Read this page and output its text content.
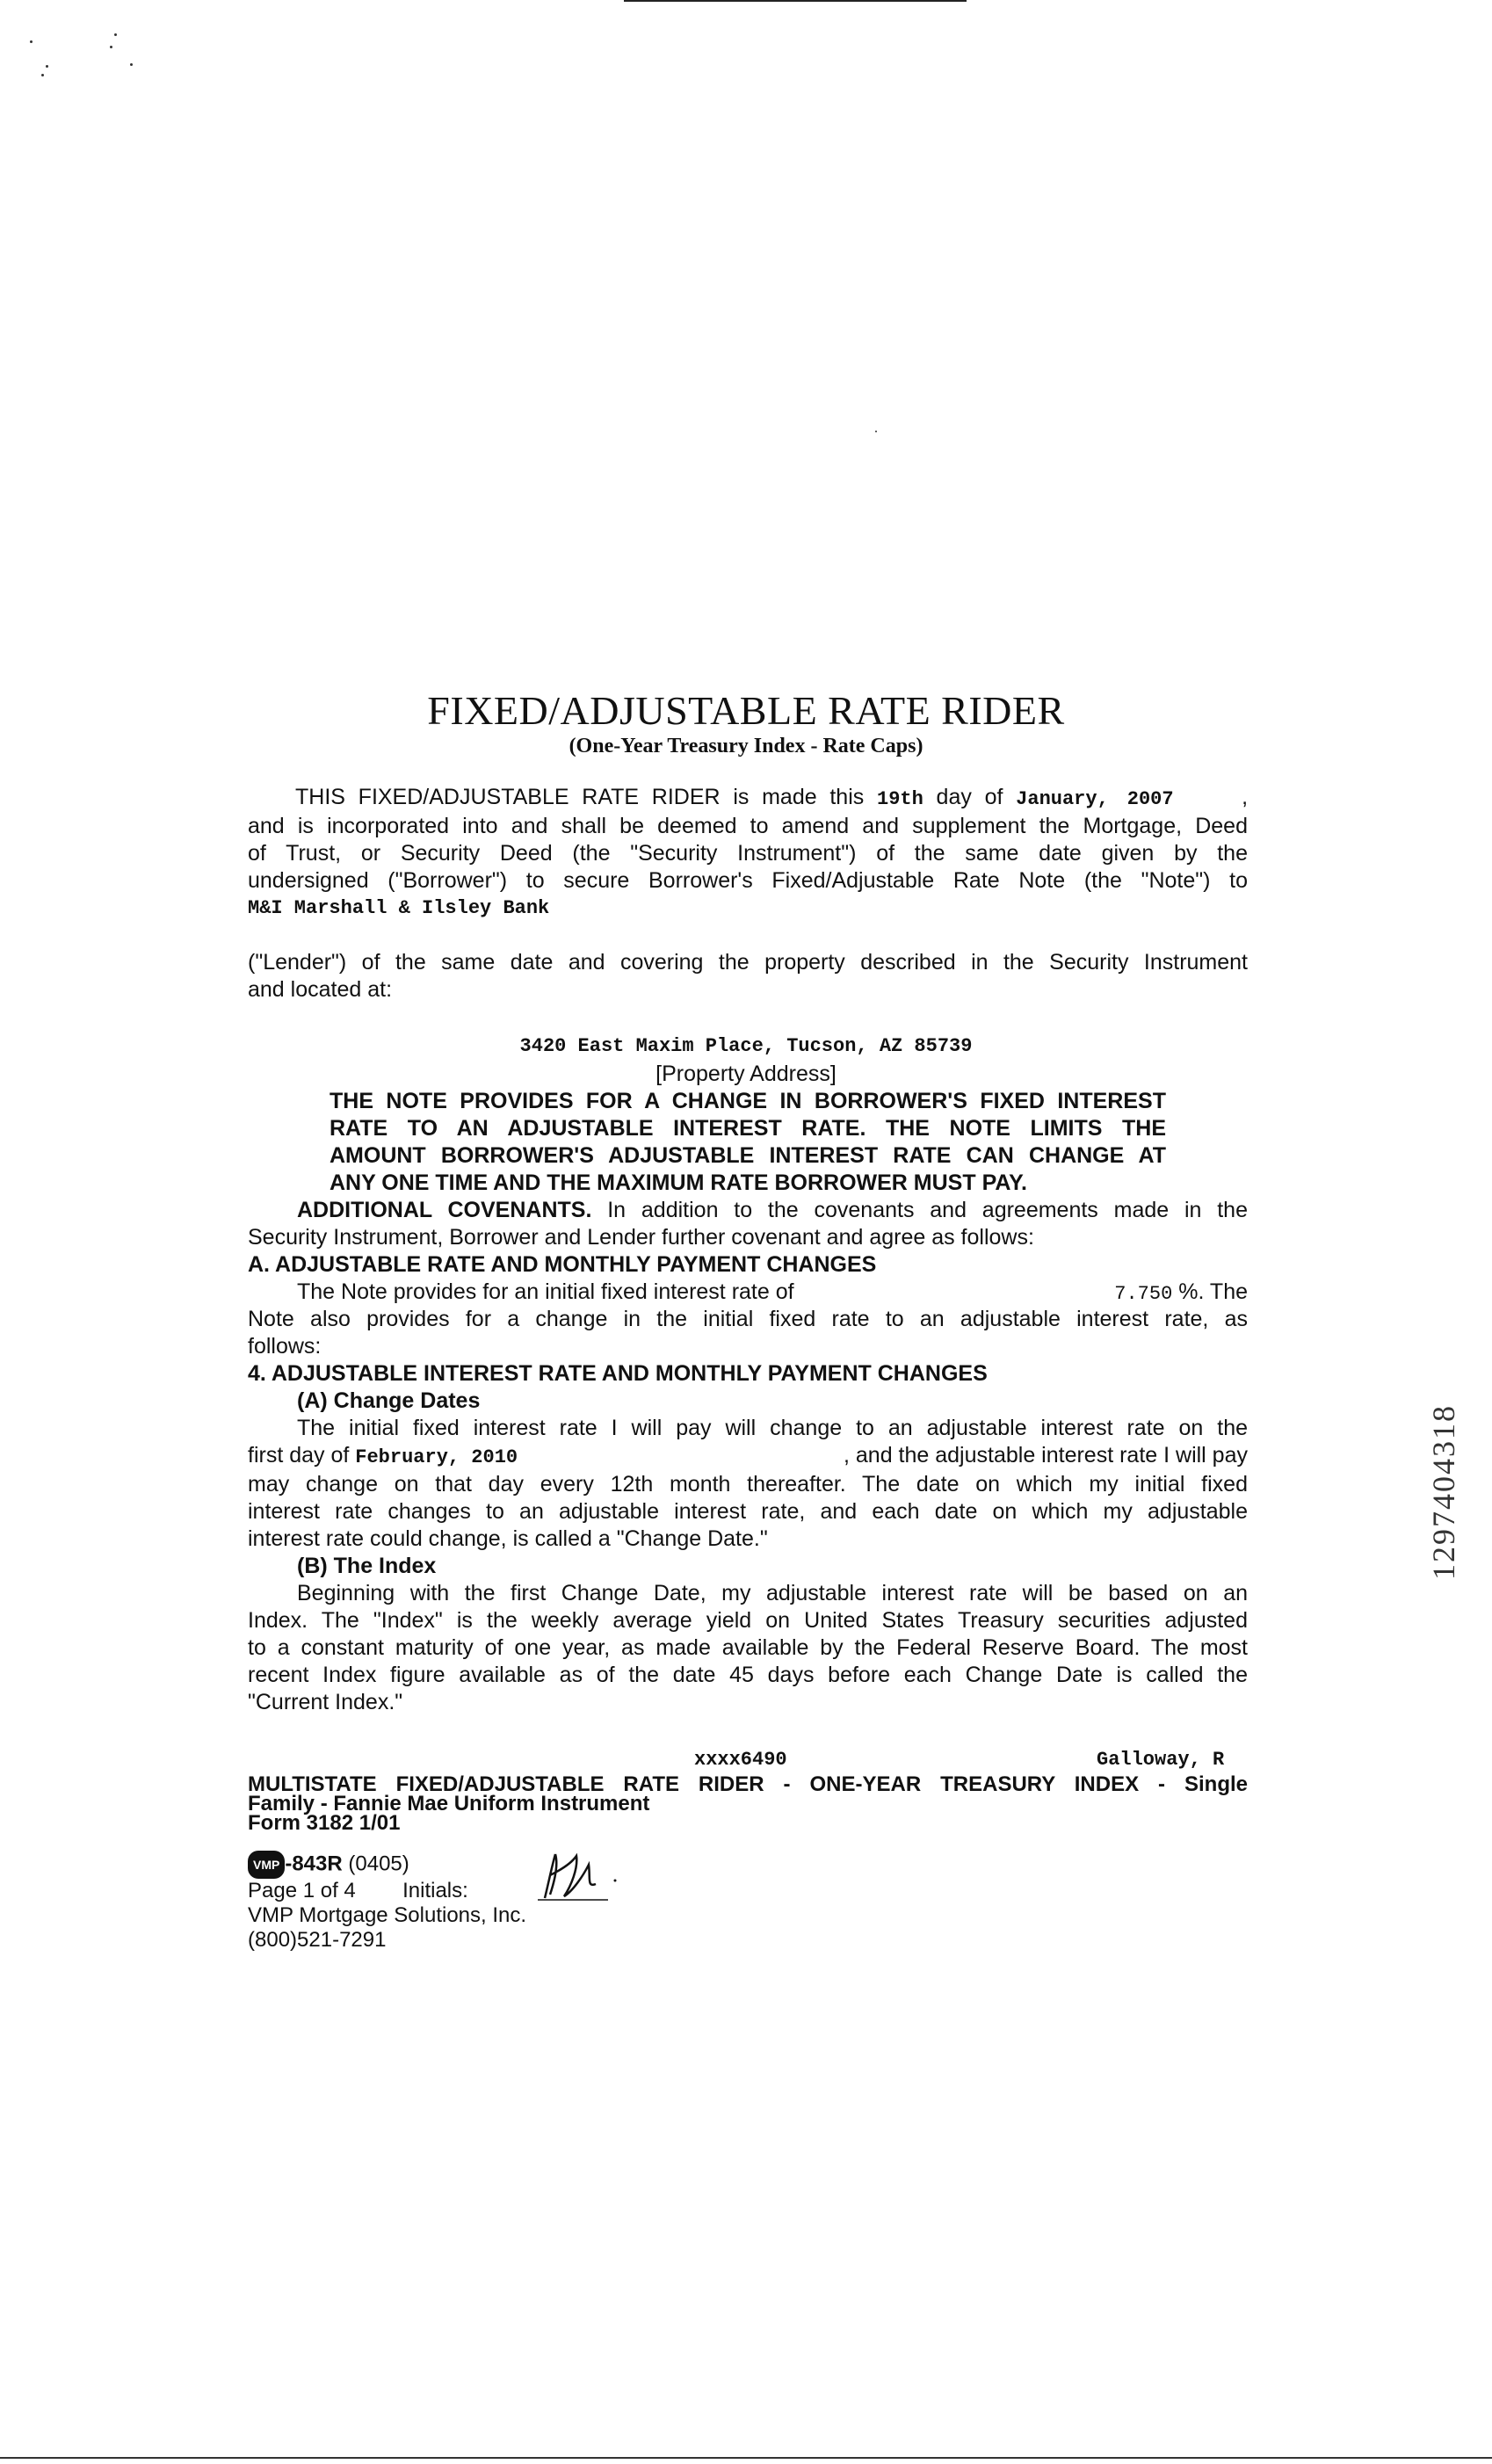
FIXED/ADJUSTABLE RATE RIDER
(One-Year Treasury Index - Rate Caps)
THIS FIXED/ADJUSTABLE RATE RIDER is made this 19th day of January, 2007	,
and is incorporated into and shall be deemed to amend and supplement the Mortgage, Deed
of Trust, or Security Deed (the "Security Instrument") of the same date given by the
undersigned ("Borrower") to secure Borrower's Fixed/Adjustable Rate Note (the "Note") to
M&I Marshall & Ilsley Bank
("Lender") of the same date and covering the property described in the Security Instrument
and located at:
3420 East Maxim Place, Tucson, AZ 85739
[Property Address]
THE NOTE PROVIDES FOR A CHANGE IN BORROWER'S FIXED INTEREST
RATE TO AN ADJUSTABLE INTEREST RATE. THE NOTE LIMITS THE
AMOUNT BORROWER'S ADJUSTABLE INTEREST RATE CAN CHANGE AT
ANY ONE TIME AND THE MAXIMUM RATE BORROWER MUST PAY.
ADDITIONAL COVENANTS. In addition to the covenants and agreements made in the
Security Instrument, Borrower and Lender further covenant and agree as follows:
A. ADJUSTABLE RATE AND MONTHLY PAYMENT CHANGES
The Note provides for an initial fixed interest rate of	7.750 %. The
Note also provides for a change in the initial fixed rate to an adjustable interest rate, as
follows:
4. ADJUSTABLE INTEREST RATE AND MONTHLY PAYMENT CHANGES
(A) Change Dates
The initial fixed interest rate I will pay will change to an adjustable interest rate on the
first day of February, 2010	, and the adjustable interest rate I will pay
may change on that day every 12th month thereafter. The date on which my initial fixed
interest rate changes to an adjustable interest rate, and each date on which my adjustable
interest rate could change, is called a "Change Date."
(B) The Index
Beginning with the first Change Date, my adjustable interest rate will be based on an
Index. The "Index" is the weekly average yield on United States Treasury securities adjusted
to a constant maturity of one year, as made available by the Federal Reserve Board. The most
recent Index figure available as of the date 45 days before each Change Date is called the
"Current Index."
1297404318
xxxx6490	Galloway, R
MULTISTATE FIXED/ADJUSTABLE RATE RIDER - ONE-YEAR TREASURY INDEX - Single
Family - Fannie Mae Uniform Instrument
Form 3182 1/01
VMP -843R (0405)
Page 1 of 4 Initials:
VMP Mortgage Solutions, Inc.
(800)521-7291
